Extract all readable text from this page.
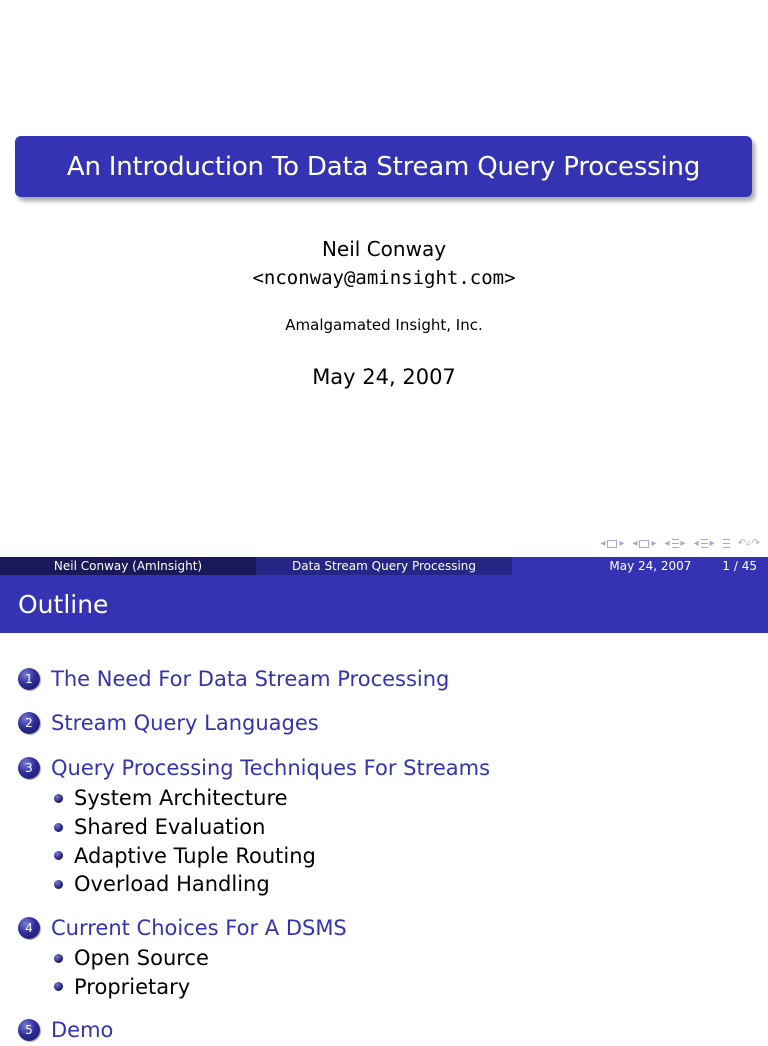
An Introduction To Data Stream Query Processing
Neil Conway
<nconway@aminsight.com>
Amalgamated Insight, Inc.
May 24, 2007
◂ ▸ ◂ ▸ ◂ ▸ ◂ ▸ ↶⌕↷
Neil Conway (AmInsight)	Data Stream Query Processing	May 24, 2007	1 / 45
Outline
1 The Need For Data Stream Processing
2 Stream Query Languages
3 Query Processing Techniques For Streams
System Architecture
Shared Evaluation
Adaptive Tuple Routing
Overload Handling
4 Current Choices For A DSMS
Open Source
Proprietary
5 Demo
